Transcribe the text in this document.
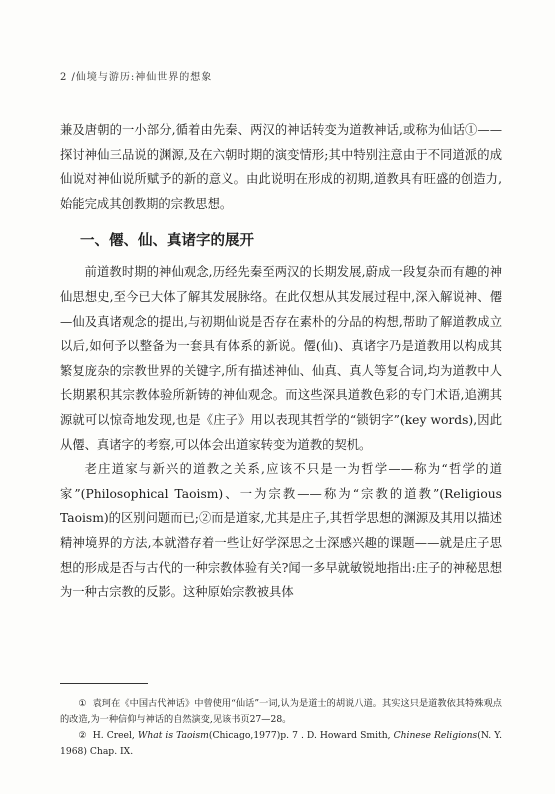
2 /仙境与游历:神仙世界的想象

兼及唐朝的一小部分,循着由先秦、两汉的神话转变为道教神话,或称为仙话①——探讨神仙三品说的渊源,及在六朝时期的演变情形;其中特别注意由于不同道派的成仙说对神仙说所赋予的新的意义。由此说明在形成的初期,道教具有旺盛的创造力,始能完成其创教期的宗教思想。

一、僊、仙、真诸字的展开

前道教时期的神仙观念,历经先秦至两汉的长期发展,蔚成一段复杂而有趣的神仙思想史,至今已大体了解其发展脉络。在此仅想从其发展过程中,深入解说神、僊—仙及真诸观念的提出,与初期仙说是否存在素朴的分品的构想,帮助了解道教成立以后,如何予以整备为一套具有体系的新说。僊(仙)、真诸字乃是道教用以构成其繁复庞杂的宗教世界的关键字,所有描述神仙、仙真、真人等复合词,均为道教中人长期累积其宗教体验所新铸的神仙观念。而这些深具道教色彩的专门术语,追溯其源就可以惊奇地发现,也是《庄子》用以表现其哲学的“锁钥字”(key words),因此从僊、真诸字的考察,可以体会出道家转变为道教的契机。

老庄道家与新兴的道教之关系,应该不只是一为哲学——称为“哲学的道家”(Philosophical Taoism)、一为宗教——称为“宗教的道教”(Religious Taoism)的区别问题而已;②而是道家,尤其是庄子,其哲学思想的渊源及其用以描述精神境界的方法,本就潜存着一些让好学深思之士深感兴趣的课题——就是庄子思想的形成是否与古代的一种宗教体验有关?闻一多早就敏锐地指出:庄子的神秘思想为一种古宗教的反影。这种原始宗教被具体

① 袁珂在《中国古代神话》中曾使用“仙话”一词,认为是道士的胡说八道。其实这只是道教依其特殊观点的改造,为一种信仰与神话的自然演变,见该书页27—28。

② H. Creel, What is Taoism(Chicago,1977)p. 7 . D. Howard Smith, Chinese Religions(N. Y. 1968) Chap. IX.
